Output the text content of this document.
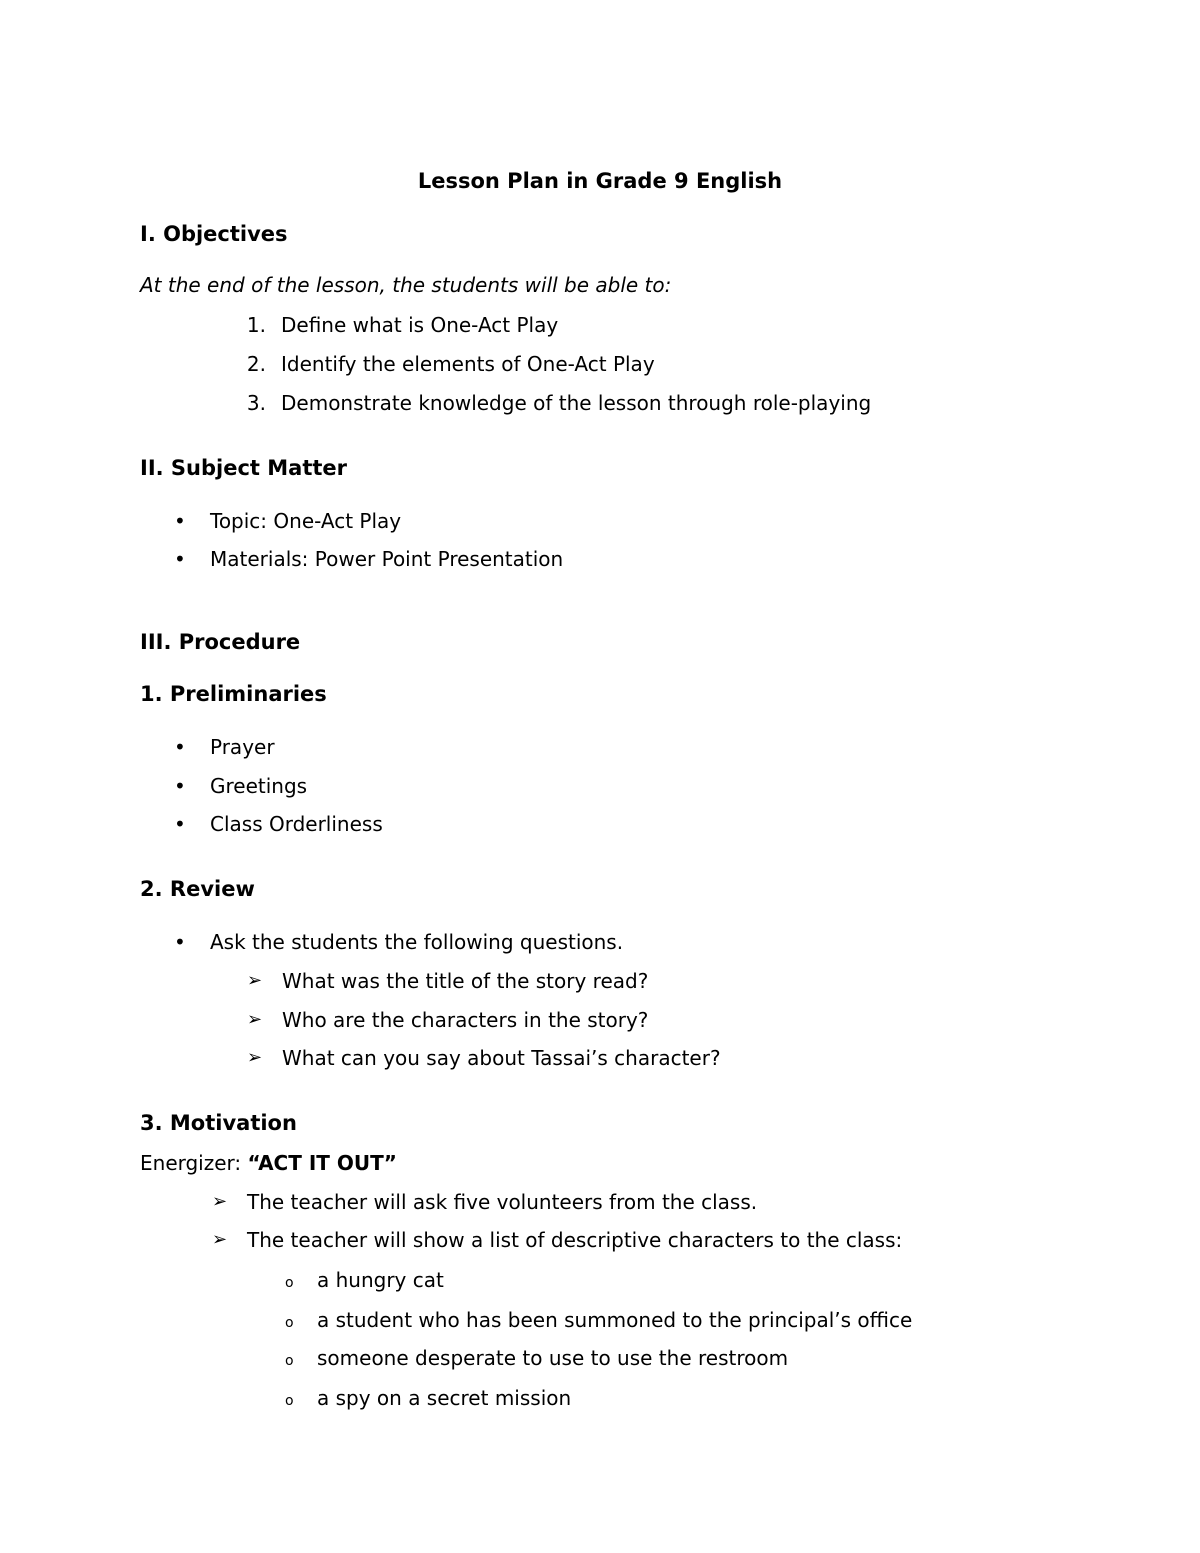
Lesson Plan in Grade 9 English
I. Objectives
At the end of the lesson, the students will be able to:
1. Define what is One-Act Play
2. Identify the elements of One-Act Play
3. Demonstrate knowledge of the lesson through role-playing
II. Subject Matter
• Topic: One-Act Play
• Materials: Power Point Presentation
III. Procedure
1. Preliminaries
• Prayer
• Greetings
• Class Orderliness
2. Review
• Ask the students the following questions.
➢ What was the title of the story read?
➢ Who are the characters in the story?
➢ What can you say about Tassai’s character?
3. Motivation
Energizer: “ACT IT OUT”
➢ The teacher will ask five volunteers from the class.
➢ The teacher will show a list of descriptive characters to the class:
o a hungry cat
o a student who has been summoned to the principal’s office
o someone desperate to use to use the restroom
o a spy on a secret mission
